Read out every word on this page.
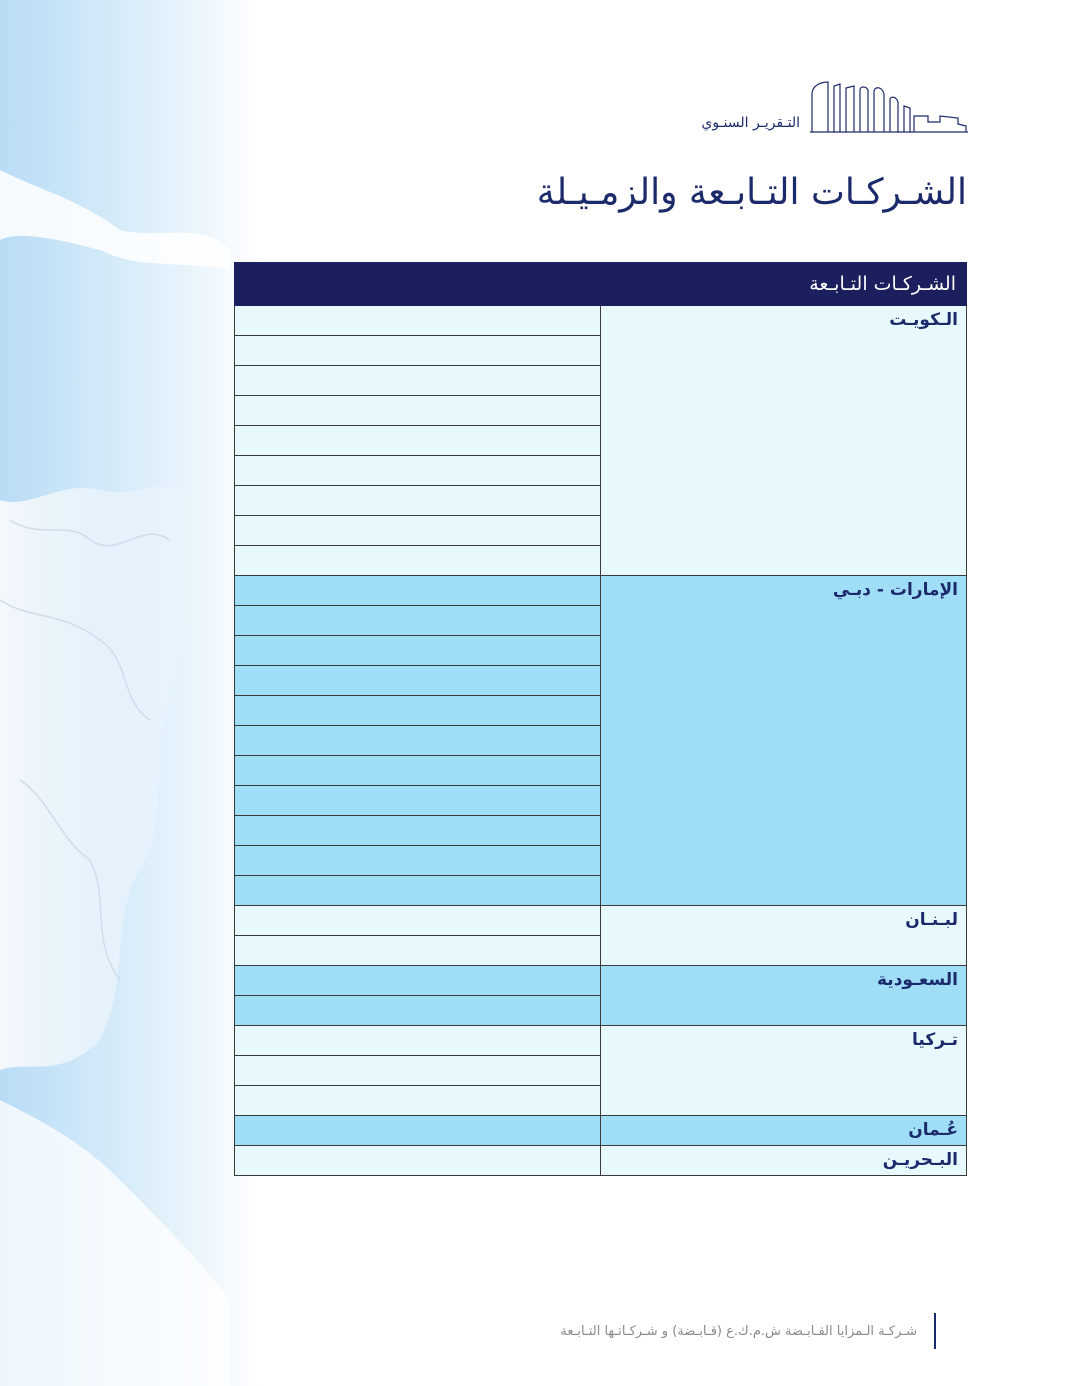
التـقريـر السنـوي
الشـركـات التـابـعة والزمـيـلة
الشـركـات التـابـعة	
الـكويـت	

الإمارات - دبـي	

لبـنـان	

السعـودية	

تـركيا	

عُـمان	
البـحريـن	
شـركـة الـمزايا القـابـضة ش.م.ك.ع (قـابـضة) و شـركـاتـها التـابـعة
